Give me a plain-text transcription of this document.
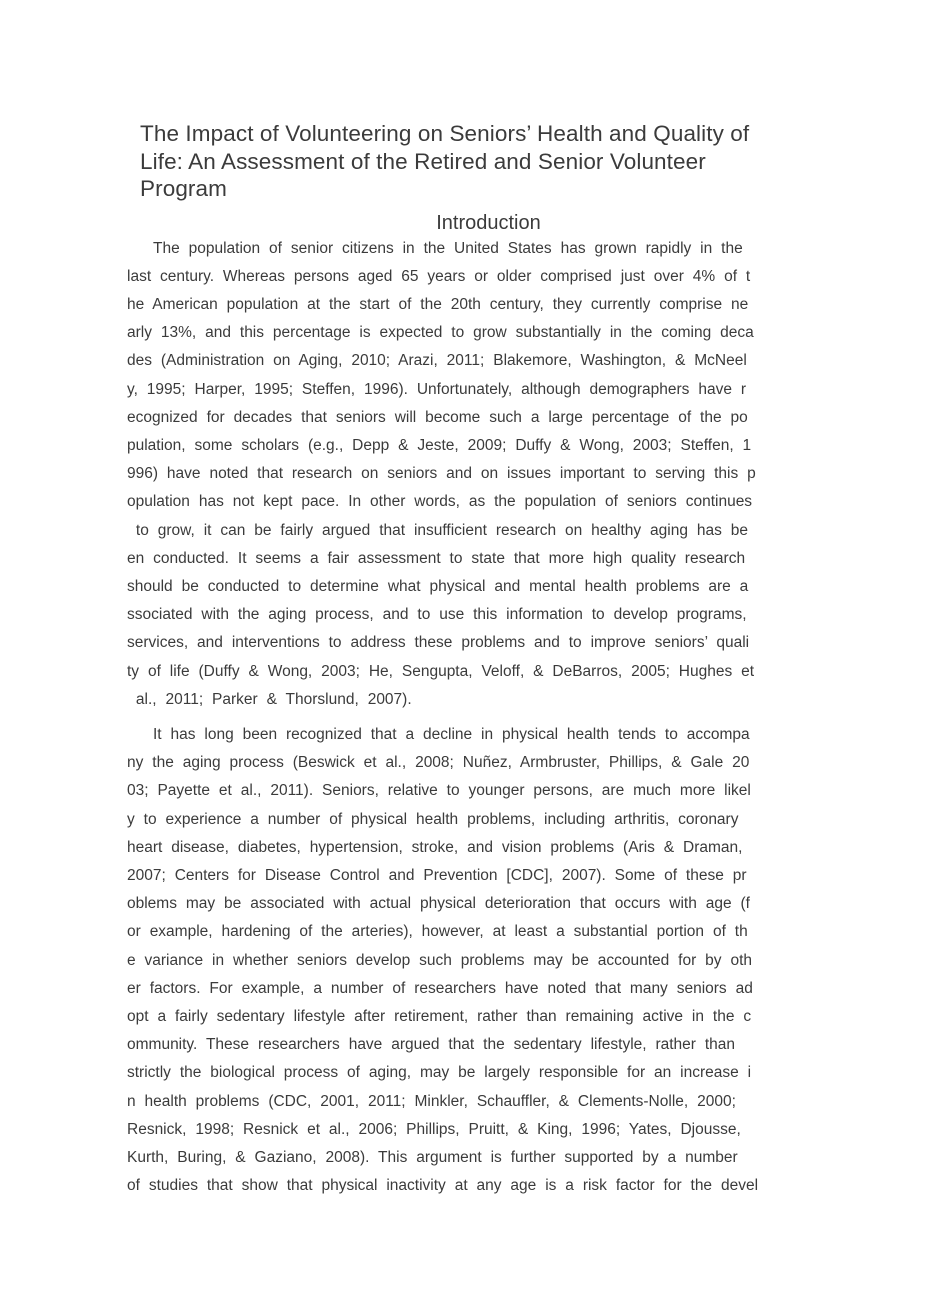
The Impact of Volunteering on Seniors’ Health and Quality of
Life: An Assessment of the Retired and Senior Volunteer
Program
Introduction
The population of senior citizens in the United States has grown rapidly in the
last century. Whereas persons aged 65 years or older comprised just over 4% of t
he American population at the start of the 20th century, they currently comprise ne
arly 13%, and this percentage is expected to grow substantially in the coming deca
des (Administration on Aging, 2010; Arazi, 2011; Blakemore, Washington, & McNeel
y, 1995; Harper, 1995; Steffen, 1996). Unfortunately, although demographers have r
ecognized for decades that seniors will become such a large percentage of the po
pulation, some scholars (e.g., Depp & Jeste, 2009; Duffy & Wong, 2003; Steffen, 1
996) have noted that research on seniors and on issues important to serving this p
opulation has not kept pace. In other words, as the population of seniors continues
to grow, it can be fairly argued that insufficient research on healthy aging has be
en conducted. It seems a fair assessment to state that more high quality research
should be conducted to determine what physical and mental health problems are a
ssociated with the aging process, and to use this information to develop programs,
services, and interventions to address these problems and to improve seniors’ quali
ty of life (Duffy & Wong, 2003; He, Sengupta, Veloff, & DeBarros, 2005; Hughes et
al., 2011; Parker & Thorslund, 2007).
It has long been recognized that a decline in physical health tends to accompa
ny the aging process (Beswick et al., 2008; Nuñez, Armbruster, Phillips, & Gale 20
03; Payette et al., 2011). Seniors, relative to younger persons, are much more likel
y to experience a number of physical health problems, including arthritis, coronary
heart disease, diabetes, hypertension, stroke, and vision problems (Aris & Draman,
2007; Centers for Disease Control and Prevention [CDC], 2007). Some of these pr
oblems may be associated with actual physical deterioration that occurs with age (f
or example, hardening of the arteries), however, at least a substantial portion of th
e variance in whether seniors develop such problems may be accounted for by oth
er factors. For example, a number of researchers have noted that many seniors ad
opt a fairly sedentary lifestyle after retirement, rather than remaining active in the c
ommunity. These researchers have argued that the sedentary lifestyle, rather than
strictly the biological process of aging, may be largely responsible for an increase i
n health problems (CDC, 2001, 2011; Minkler, Schauffler, & Clements-Nolle, 2000;
Resnick, 1998; Resnick et al., 2006; Phillips, Pruitt, & King, 1996; Yates, Djousse,
Kurth, Buring, & Gaziano, 2008). This argument is further supported by a number
of studies that show that physical inactivity at any age is a risk factor for the devel
